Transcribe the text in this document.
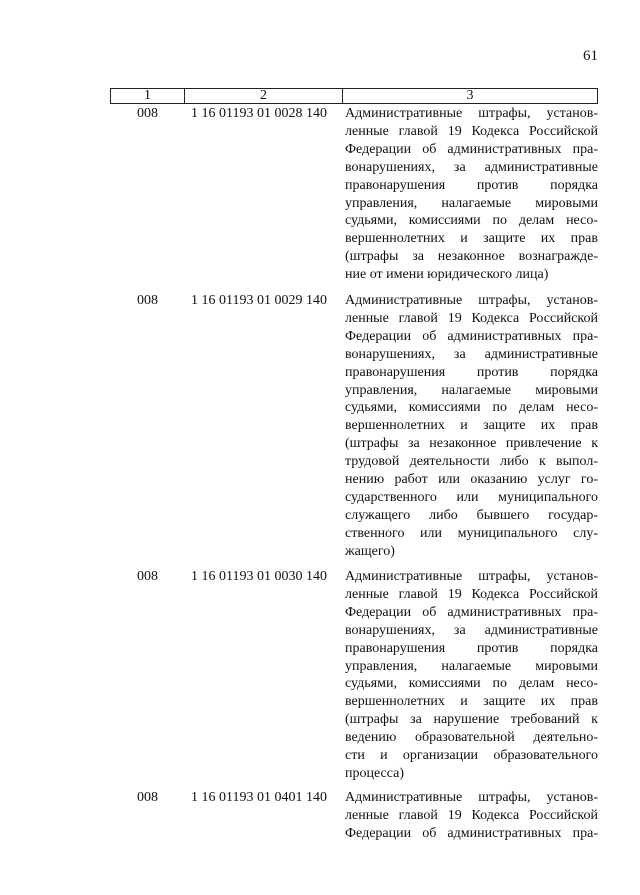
61
1	2	3
008 1 16 01193 01 0028 140 Административные штрафы, установ-
ленные главой 19 Кодекса Российской
Федерации об административных пра-
вонарушениях, за административные
правонарушения против порядка
управления, налагаемые мировыми
судьями, комиссиями по делам несо-
вершеннолетних и защите их прав
(штрафы за незаконное вознагражде-
ние от имени юридического лица)
008 1 16 01193 01 0029 140 Административные штрафы, установ-
ленные главой 19 Кодекса Российской
Федерации об административных пра-
вонарушениях, за административные
правонарушения против порядка
управления, налагаемые мировыми
судьями, комиссиями по делам несо-
вершеннолетних и защите их прав
(штрафы за незаконное привлечение к
трудовой деятельности либо к выпол-
нению работ или оказанию услуг го-
сударственного или муниципального
служащего либо бывшего государ-
ственного или муниципального слу-
жащего)
008 1 16 01193 01 0030 140 Административные штрафы, установ-
ленные главой 19 Кодекса Российской
Федерации об административных пра-
вонарушениях, за административные
правонарушения против порядка
управления, налагаемые мировыми
судьями, комиссиями по делам несо-
вершеннолетних и защите их прав
(штрафы за нарушение требований к
ведению образовательной деятельно-
сти и организации образовательного
процесса)
008 1 16 01193 01 0401 140 Административные штрафы, установ-
ленные главой 19 Кодекса Российской
Федерации об административных пра-
